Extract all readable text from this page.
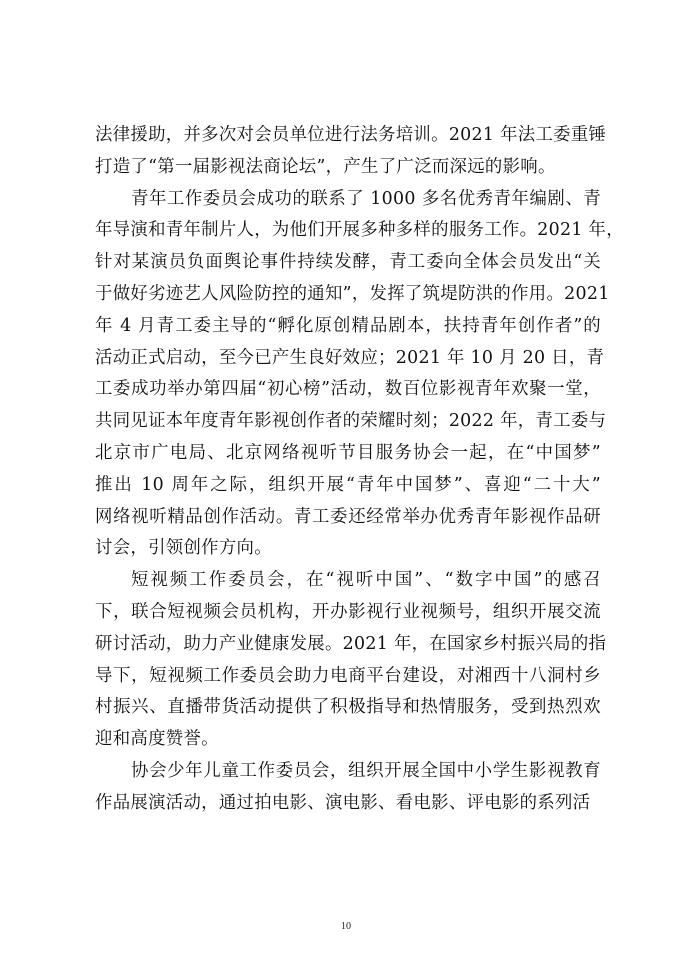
法律援助，并多次对会员单位进行法务培训。2021 年法工委重锤
打造了“第一届影视法商论坛”，产生了广泛而深远的影响。
青年工作委员会成功的联系了 1000 多名优秀青年编剧、青
年导演和青年制片人，为他们开展多种多样的服务工作。2021 年，
针对某演员负面舆论事件持续发酵，青工委向全体会员发出“关
于做好劣迹艺人风险防控的通知”，发挥了筑堤防洪的作用。2021
年 4 月青工委主导的“孵化原创精品剧本，扶持青年创作者”的
活动正式启动，至今已产生良好效应；2021 年 10 月 20 日，青
工委成功举办第四届“初心榜”活动，数百位影视青年欢聚一堂，
共同见证本年度青年影视创作者的荣耀时刻；2022 年，青工委与
北京市广电局、北京网络视听节目服务协会一起，在“中国梦”
推出 10 周年之际，组织开展“青年中国梦”、喜迎“二十大”
网络视听精品创作活动。青工委还经常举办优秀青年影视作品研
讨会，引领创作方向。
短视频工作委员会，在“视听中国”、“数字中国”的感召
下，联合短视频会员机构，开办影视行业视频号，组织开展交流
研讨活动，助力产业健康发展。2021 年，在国家乡村振兴局的指
导下，短视频工作委员会助力电商平台建设，对湘西十八洞村乡
村振兴、直播带货活动提供了积极指导和热情服务，受到热烈欢
迎和高度赞誉。
协会少年儿童工作委员会，组织开展全国中小学生影视教育
作品展演活动，通过拍电影、演电影、看电影、评电影的系列活
10
